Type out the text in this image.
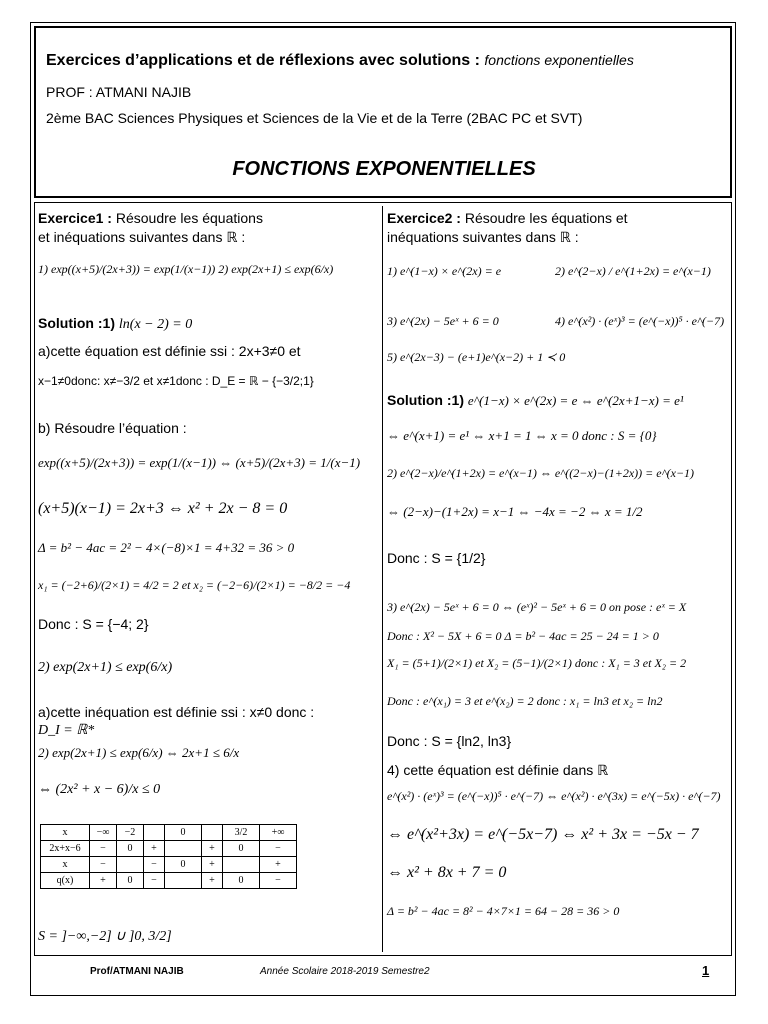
Exercices d’applications et de réflexions avec solutions : fonctions exponentielles
PROF : ATMANI NAJIB
2ème BAC Sciences Physiques et Sciences de la Vie et de la Terre (2BAC PC et SVT)
FONCTIONS EXPONENTIELLES
Exercice1 : Résoudre les équations
et inéquations suivantes dans ℝ :
1) exp((x+5)/(2x+3)) = exp(1/(x−1)) 2) exp(2x+1) ≤ exp(6/x)
Solution :1) ln(x − 2) = 0
a)cette équation est définie ssi : 2x+3≠0 et
x−1≠0donc: x≠−3/2 et x≠1donc : D_E = ℝ − {−3/2;1}
b) Résoudre l’équation :
exp((x+5)/(2x+3)) = exp(1/(x−1)) ⇔ (x+5)/(2x+3) = 1/(x−1)
(x+5)(x−1) = 2x+3 ⇔ x² + 2x − 8 = 0
Δ = b² − 4ac = 2² − 4×(−8)×1 = 4+32 = 36 > 0
x₁ = (−2+6)/(2×1) = 4/2 = 2 et x₂ = (−2−6)/(2×1) = −8/2 = −4
Donc : S = {−4; 2}
2) exp(2x+1) ≤ exp(6/x)
a)cette inéquation est définie ssi : x≠0 donc :
D_I = ℝ*
2) exp(2x+1) ≤ exp(6/x) ⇔ 2x+1 ≤ 6/x
⇔ (2x² + x − 6)/x ≤ 0
x	−∞	−2		0		3/2	+∞
2x+x−6	−	0	+		+	0	−
x	−		−	0	+		+
q(x)	+	0	−		+	0	−
S = ]−∞,−2] ∪ ]0, 3/2]
Exercice2 : Résoudre les équations et
inéquations suivantes dans ℝ :
1) e^(1−x) × e^(2x) = e	2) e^(2−x) / e^(1+2x) = e^(x−1)
3) e^(2x) − 5eˣ + 6 = 0	4) e^(x²) · (eˣ)³ = (e^(−x))⁵ · e^(−7)
5) e^(2x−3) − (e+1)e^(x−2) + 1 ≺ 0
Solution :1) e^(1−x) × e^(2x) = e ⇔ e^(2x+1−x) = e¹
⇔ e^(x+1) = e¹ ⇔ x+1 = 1 ⇔ x = 0 donc : S = {0}
2) e^(2−x)/e^(1+2x) = e^(x−1) ⇔ e^((2−x)−(1+2x)) = e^(x−1)
⇔ (2−x)−(1+2x) = x−1 ⇔ −4x = −2 ⇔ x = 1/2
Donc : S = {1/2}
3) e^(2x) − 5eˣ + 6 = 0 ⇔ (eˣ)² − 5eˣ + 6 = 0 on pose : eˣ = X
Donc : X² − 5X + 6 = 0 Δ = b² − 4ac = 25 − 24 = 1 > 0
X₁ = (5+1)/(2×1) et X₂ = (5−1)/(2×1) donc : X₁ = 3 et X₂ = 2
Donc : e^(x₁) = 3 et e^(x₂) = 2 donc : x₁ = ln3 et x₂ = ln2
Donc : S = {ln2, ln3}
4) cette équation est définie dans ℝ
e^(x²) · (eˣ)³ = (e^(−x))⁵ · e^(−7) ⇔ e^(x²) · e^(3x) = e^(−5x) · e^(−7)
⇔ e^(x²+3x) = e^(−5x−7) ⇔ x² + 3x = −5x − 7
⇔ x² + 8x + 7 = 0
Δ = b² − 4ac = 8² − 4×7×1 = 64 − 28 = 36 > 0
Prof/ATMANI NAJIB	Année Scolaire 2018-2019 Semestre2	1
